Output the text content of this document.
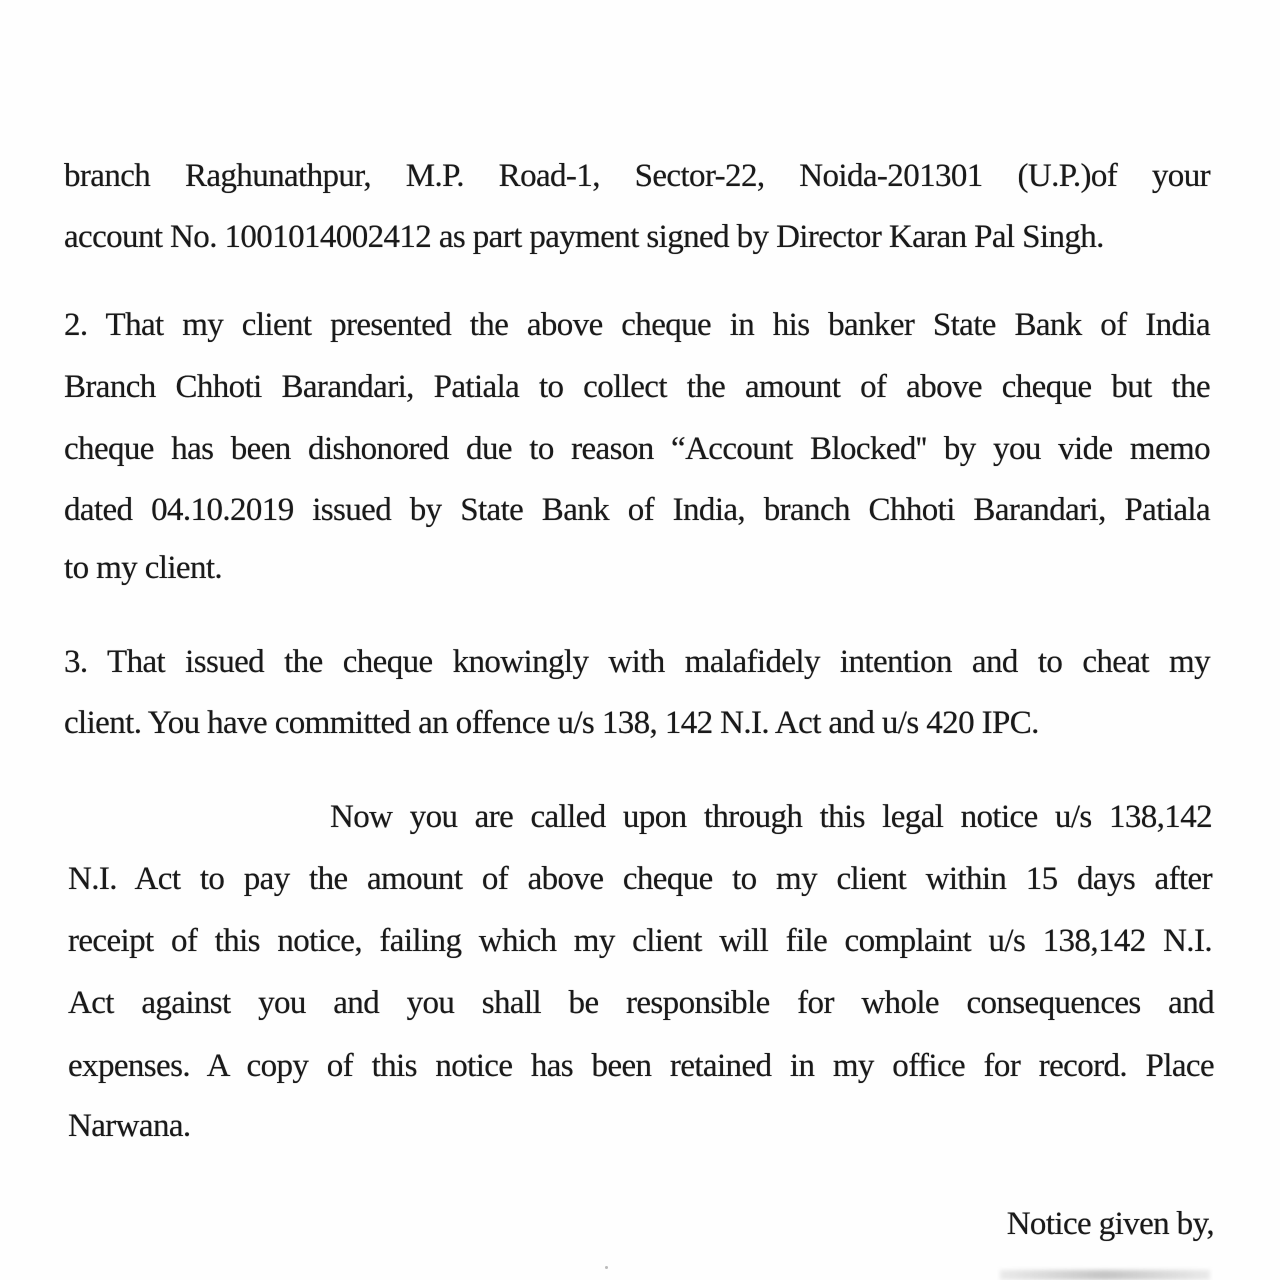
branch Raghunathpur, M.P. Road-1, Sector-22, Noida-201301 (U.P.)of your
account No. 1001014002412 as part payment signed by Director Karan Pal Singh.
2. That my client presented the above cheque in his banker State Bank of India
Branch Chhoti Barandari, Patiala to collect the amount of above cheque but the
cheque has been dishonored due to reason “Account Blocked'' by you vide memo
dated 04.10.2019 issued by State Bank of India, branch Chhoti Barandari, Patiala
to my client.
3. That issued the cheque knowingly with malafidely intention and to cheat my
client. You have committed an offence u/s 138, 142 N.I. Act and u/s 420 IPC.
Now you are called upon through this legal notice u/s 138,142
N.I. Act to pay the amount of above cheque to my client within 15 days after
receipt of this notice, failing which my client will file complaint u/s 138,142 N.I.
Act against you and you shall be responsible for whole consequences and
expenses. A copy of this notice has been retained in my office for record. Place
Narwana.
Notice given by,
